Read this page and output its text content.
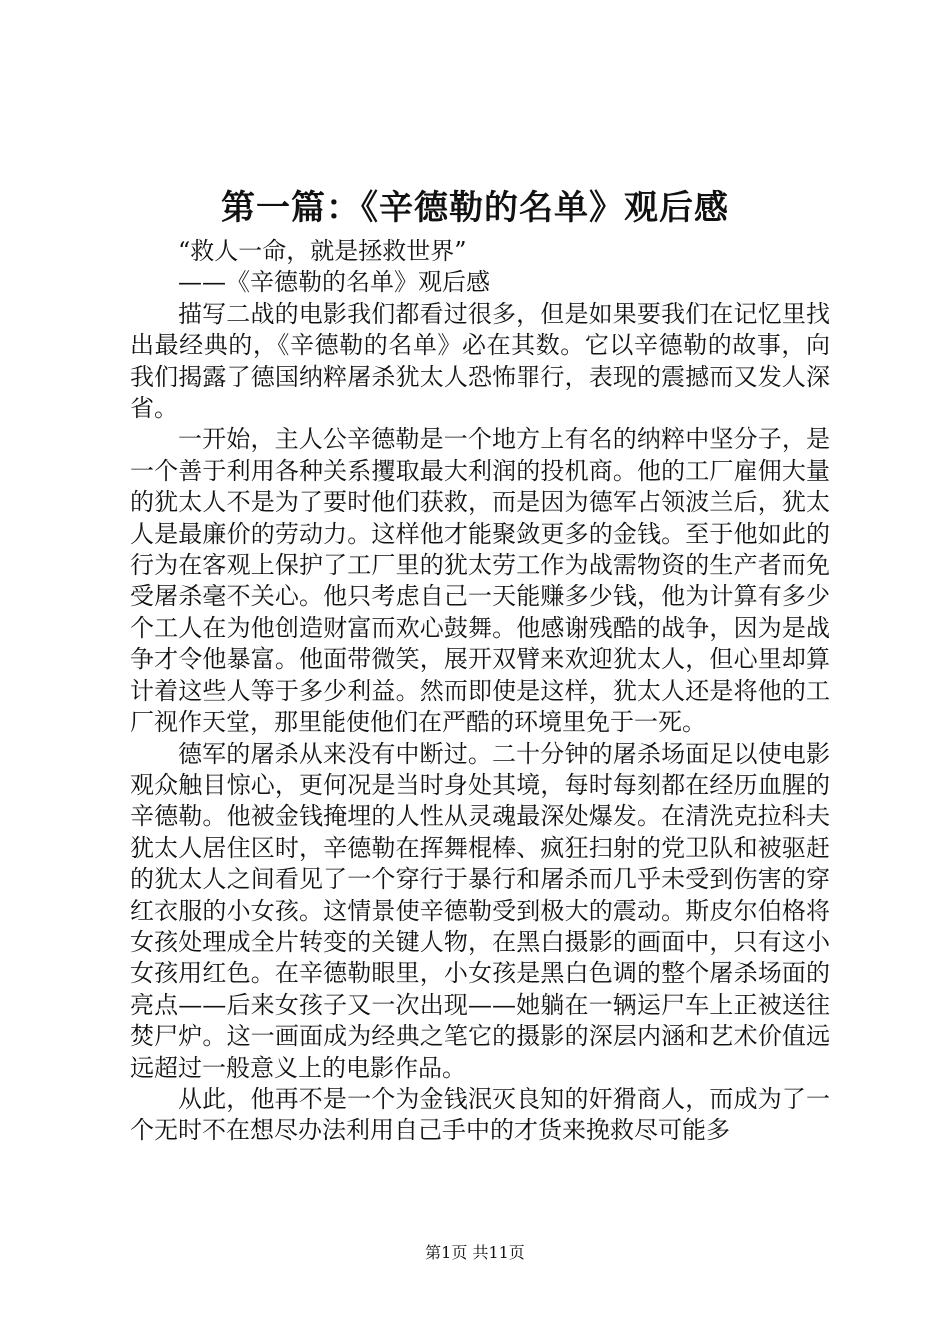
第一篇：《辛德勒的名单》观后感

“救人一命，就是拯救世界”

——《辛德勒的名单》观后感

描写二战的电影我们都看过很多，但是如果要我们在记忆里找出最经典的，《辛德勒的名单》必在其数。它以辛德勒的故事，向我们揭露了德国纳粹屠杀犹太人恐怖罪行，表现的震撼而又发人深省。

一开始，主人公辛德勒是一个地方上有名的纳粹中坚分子，是一个善于利用各种关系攫取最大利润的投机商。他的工厂雇佣大量的犹太人不是为了要时他们获救，而是因为德军占领波兰后，犹太人是最廉价的劳动力。这样他才能聚敛更多的金钱。至于他如此的行为在客观上保护了工厂里的犹太劳工作为战需物资的生产者而免受屠杀毫不关心。他只考虑自己一天能赚多少钱，他为计算有多少个工人在为他创造财富而欢心鼓舞。他感谢残酷的战争，因为是战争才令他暴富。他面带微笑，展开双臂来欢迎犹太人，但心里却算计着这些人等于多少利益。然而即使是这样，犹太人还是将他的工厂视作天堂，那里能使他们在严酷的环境里免于一死。

德军的屠杀从来没有中断过。二十分钟的屠杀场面足以使电影观众触目惊心，更何况是当时身处其境，每时每刻都在经历血腥的辛德勒。他被金钱掩埋的人性从灵魂最深处爆发。在清洗克拉科夫犹太人居住区时，辛德勒在挥舞棍棒、疯狂扫射的党卫队和被驱赶的犹太人之间看见了一个穿行于暴行和屠杀而几乎未受到伤害的穿红衣服的小女孩。这情景使辛德勒受到极大的震动。斯皮尔伯格将女孩处理成全片转变的关键人物，在黑白摄影的画面中，只有这小女孩用红色。在辛德勒眼里，小女孩是黑白色调的整个屠杀场面的亮点——后来女孩子又一次出现——她躺在一辆运尸车上正被送往焚尸炉。这一画面成为经典之笔它的摄影的深层内涵和艺术价值远远超过一般意义上的电影作品。

从此，他再不是一个为金钱泯灭良知的奸猾商人，而成为了一个无时不在想尽办法利用自己手中的才货来挽救尽可能多

第1页 共11页
